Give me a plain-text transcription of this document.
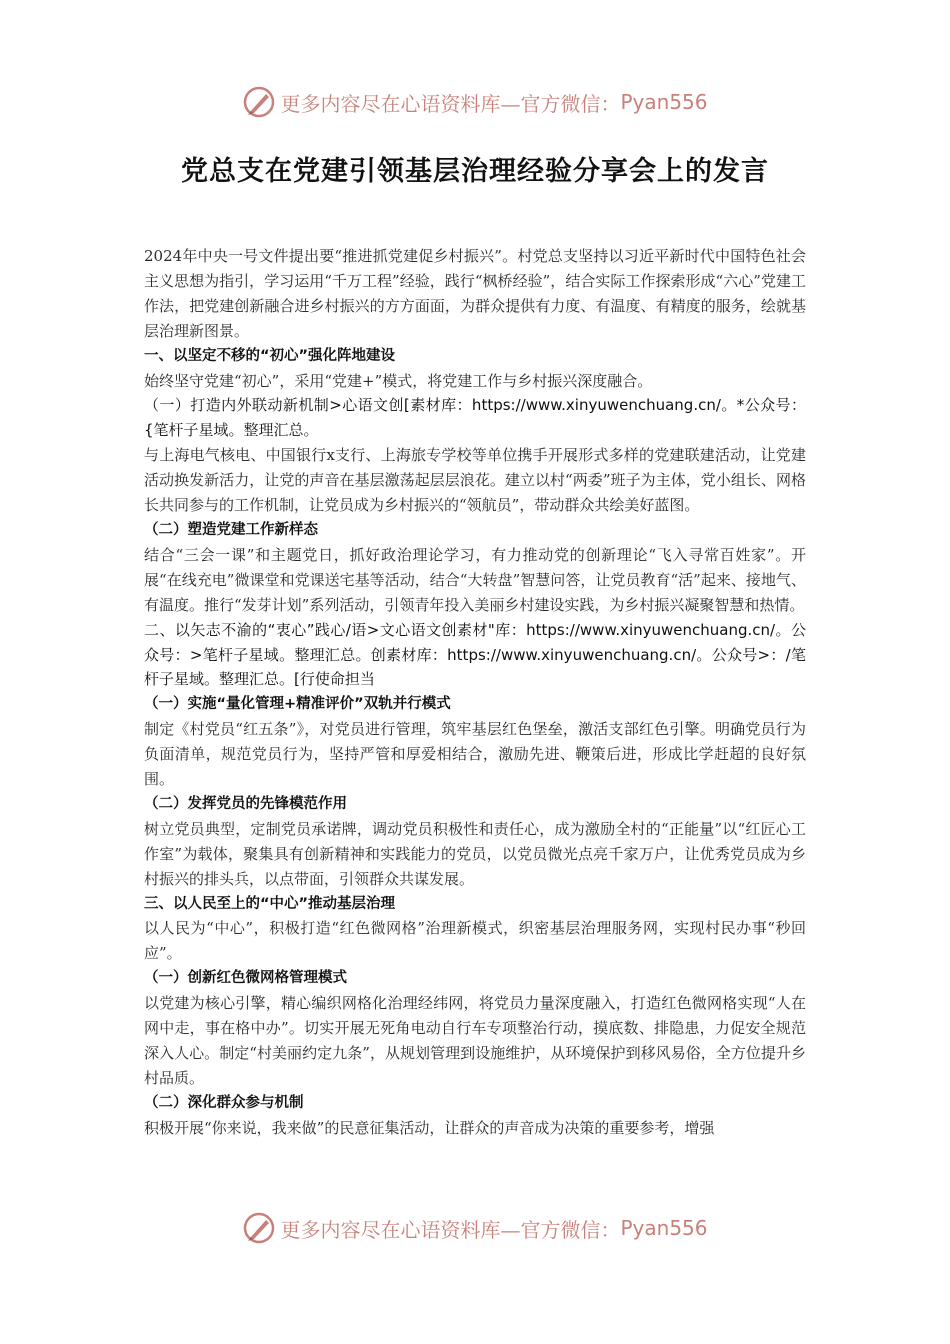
更多内容尽在心语资料库—官方微信： Pyan556
党总支在党建引领基层治理经验分享会上的发言

2024年中央一号文件提出要“推进抓党建促乡村振兴”。村党总支坚持以习近平新时代中国特色社会主义思想为指引，学习运用“千万工程”经验，践行“枫桥经验”，结合实际工作探索形成“六心”党建工作法，把党建创新融合进乡村振兴的方方面面，为群众提供有力度、有温度、有精度的服务，绘就基层治理新图景。

一、以坚定不移的“初心”强化阵地建设

始终坚守党建“初心”，采用“党建+”模式，将党建工作与乡村振兴深度融合。

（一）打造内外联动新机制>心语文创[素材库：https://www.xinyuwenchuang.cn/。*公众号：{笔杆子星域。整理汇总。

与上海电气核电、中国银行x支行、上海旅专学校等单位携手开展形式多样的党建联建活动，让党建活动换发新活力，让党的声音在基层激荡起层层浪花。建立以村“两委”班子为主体，党小组长、网格长共同参与的工作机制，让党员成为乡村振兴的“领航员”，带动群众共绘美好蓝图。

（二）塑造党建工作新样态

结合“三会一课”和主题党日，抓好政治理论学习，有力推动党的创新理论“飞入寻常百姓家”。开展“在线充电”微课堂和党课送宅基等活动，结合“大转盘”智慧问答，让党员教育“活”起来、接地气、有温度。推行“发芽计划”系列活动，引领青年投入美丽乡村建设实践，为乡村振兴凝聚智慧和热情。

二、以矢志不渝的“衷心”践心/语>文心语文创素材"库：https://www.xinyuwenchuang.cn/。公众号：>笔杆子星域。整理汇总。创素材库：https://www.xinyuwenchuang.cn/。公众号>：/笔杆子星域。整理汇总。[行使命担当

（一）实施“量化管理+精准评价”双轨并行模式

制定《村党员“红五条”》，对党员进行管理，筑牢基层红色堡垒，激活支部红色引擎。明确党员行为负面清单，规范党员行为，坚持严管和厚爱相结合，激励先进、鞭策后进，形成比学赶超的良好氛围。

（二）发挥党员的先锋模范作用

树立党员典型，定制党员承诺牌，调动党员积极性和责任心，成为激励全村的“正能量”以“红匠心工作室”为载体，聚集具有创新精神和实践能力的党员，以党员微光点亮千家万户，让优秀党员成为乡村振兴的排头兵，以点带面，引领群众共谋发展。

三、以人民至上的“中心”推动基层治理

以人民为“中心”，积极打造“红色微网格”治理新模式，织密基层治理服务网，实现村民办事“秒回应”。

（一）创新红色微网格管理模式

以党建为核心引擎，精心编织网格化治理经纬网，将党员力量深度融入，打造红色微网格实现“人在网中走，事在格中办”。切实开展无死角电动自行车专项整治行动，摸底数、排隐患，力促安全规范深入人心。制定“村美丽约定九条”，从规划管理到设施维护，从环境保护到移风易俗，全方位提升乡村品质。

（二）深化群众参与机制

积极开展“你来说，我来做”的民意征集活动，让群众的声音成为决策的重要参考，增强

更多内容尽在心语资料库—官方微信： Pyan556
